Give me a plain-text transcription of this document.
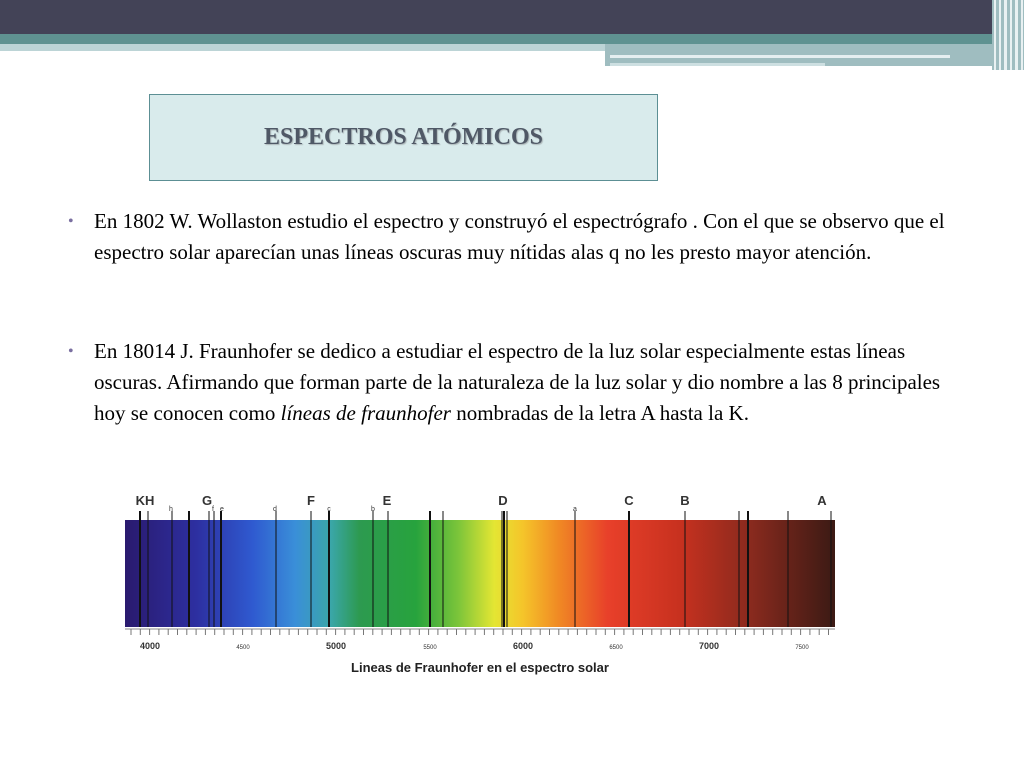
ESPECTROS ATÓMICOS
• En 1802 W. Wollaston estudio el espectro y construyó el espectrógrafo . Con el que se observo que el espectro solar aparecían unas líneas oscuras muy nítidas alas q no les presto mayor atención.
• En 18014 J. Fraunhofer se dedico a estudiar el espectro de la luz solar especialmente estas líneas oscuras. Afirmando que forman parte de la naturaleza de la luz solar y dio nombre a las 8 principales hoy se conocen como líneas de fraunhofer nombradas de la letra A hasta la K.
KH
h
G
f e	d
F
c	b
E	D
a
C	B	A
4000	4500	5000	5500	6000	6500	7000	7500
Lineas de Fraunhofer en el espectro solar
